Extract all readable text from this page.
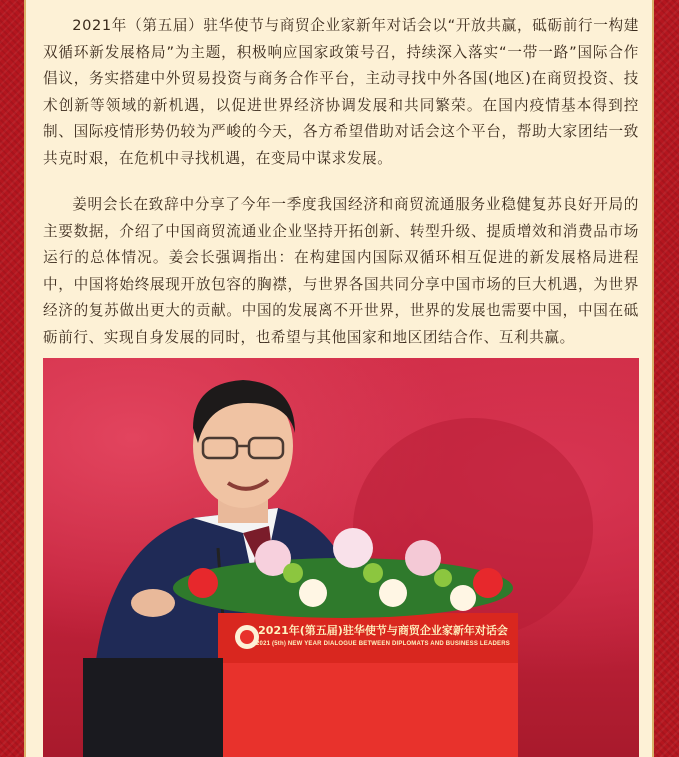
2021年（第五届）驻华使节与商贸企业家新年对话会以“开放共赢，砥砺前行一构建双循环新发展格局”为主题，积极响应国家政策号召，持续深入落实“一带一路”国际合作倡议，务实搭建中外贸易投资与商务合作平台，主动寻找中外各国(地区)在商贸投资、技术创新等领域的新机遇，以促进世界经济协调发展和共同繁荣。在国内疫情基本得到控制、国际疫情形势仍较为严峻的今天，各方希望借助对话会这个平台，帮助大家团结一致共克时艰，在危机中寻找机遇，在变局中谋求发展。

姜明会长在致辞中分享了今年一季度我国经济和商贸流通服务业稳健复苏良好开局的主要数据，介绍了中国商贸流通业企业坚持开拓创新、转型升级、提质增效和消费品市场运行的总体情况。姜会长强调指出：在构建国内国际双循环相互促进的新发展格局进程中，中国将始终展现开放包容的胸襟，与世界各国共同分享中国市场的巨大机遇，为世界经济的复苏做出更大的贡献。中国的发展离不开世界，世界的发展也需要中国，中国在砥砺前行、实现自身发展的同时，也希望与其他国家和地区团结合作、互利共赢。

2021年(第五届)驻华使节与商贸企业家新年对话会
2021 (5th) NEW YEAR DIALOGUE BETWEEN DIPLOMATS AND BUSINESS LEADERS
